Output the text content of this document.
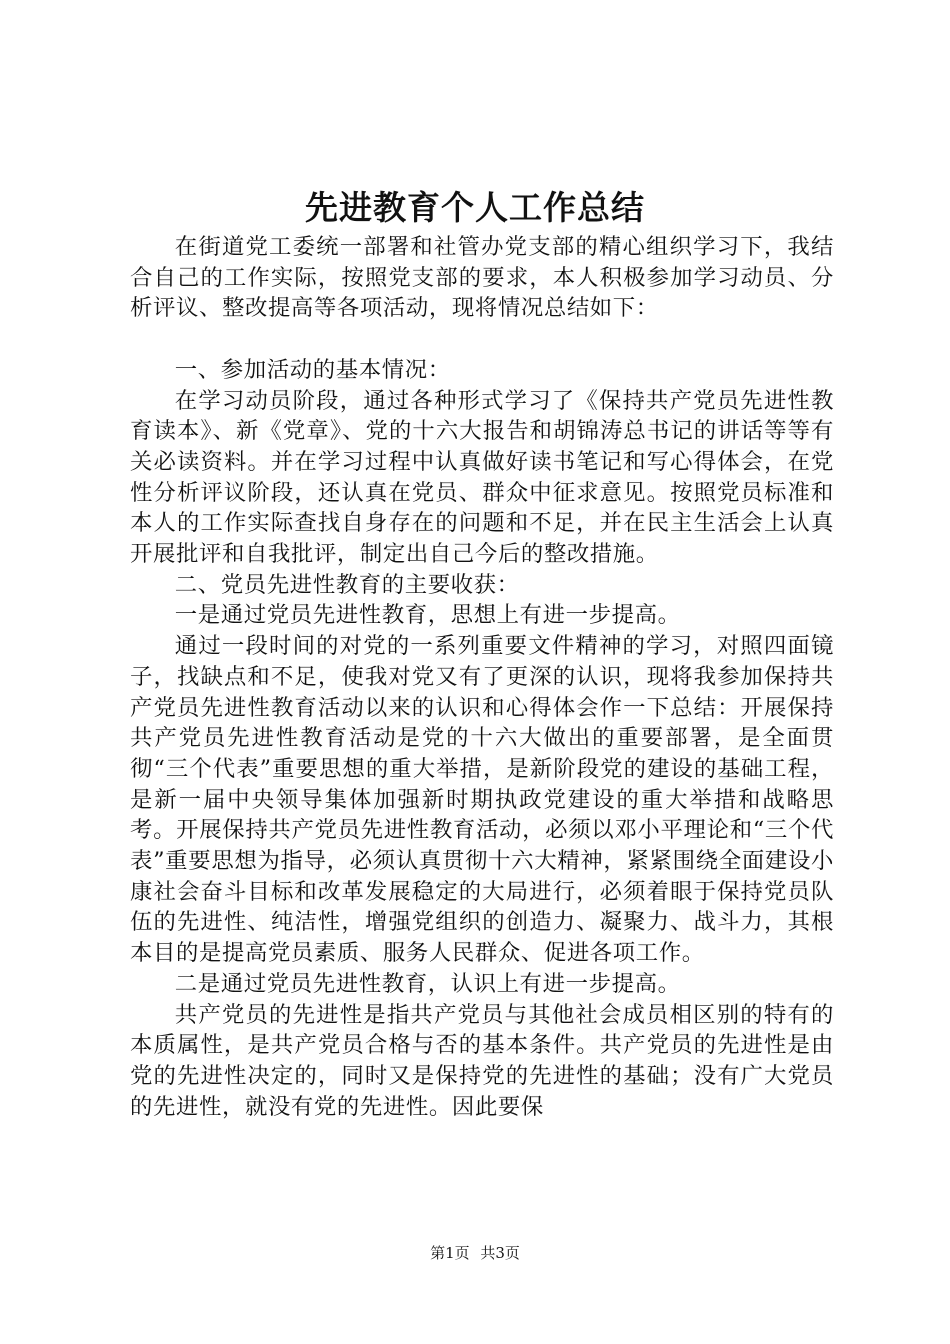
先进教育个人工作总结

在街道党工委统一部署和社管办党支部的精心组织学习下，我结合自己的工作实际，按照党支部的要求，本人积极参加学习动员、分析评议、整改提高等各项活动，现将情况总结如下：

一、参加活动的基本情况：

在学习动员阶段，通过各种形式学习了《保持共产党员先进性教育读本》、新《党章》、党的十六大报告和胡锦涛总书记的讲话等等有关必读资料。并在学习过程中认真做好读书笔记和写心得体会，在党性分析评议阶段，还认真在党员、群众中征求意见。按照党员标准和本人的工作实际查找自身存在的问题和不足，并在民主生活会上认真开展批评和自我批评，制定出自己今后的整改措施。

二、党员先进性教育的主要收获：

一是通过党员先进性教育，思想上有进一步提高。

通过一段时间的对党的一系列重要文件精神的学习，对照四面镜子，找缺点和不足，使我对党又有了更深的认识，现将我参加保持共产党员先进性教育活动以来的认识和心得体会作一下总结：开展保持共产党员先进性教育活动是党的十六大做出的重要部署，是全面贯彻“三个代表”重要思想的重大举措，是新阶段党的建设的基础工程，是新一届中央领导集体加强新时期执政党建设的重大举措和战略思考。开展保持共产党员先进性教育活动，必须以邓小平理论和“三个代表”重要思想为指导，必须认真贯彻十六大精神，紧紧围绕全面建设小康社会奋斗目标和改革发展稳定的大局进行，必须着眼于保持党员队伍的先进性、纯洁性，增强党组织的创造力、凝聚力、战斗力，其根本目的是提高党员素质、服务人民群众、促进各项工作。

二是通过党员先进性教育，认识上有进一步提高。

共产党员的先进性是指共产党员与其他社会成员相区别的特有的本质属性，是共产党员合格与否的基本条件。共产党员的先进性是由党的先进性决定的，同时又是保持党的先进性的基础；没有广大党员的先进性，就没有党的先进性。因此要保

第1页 共3页
